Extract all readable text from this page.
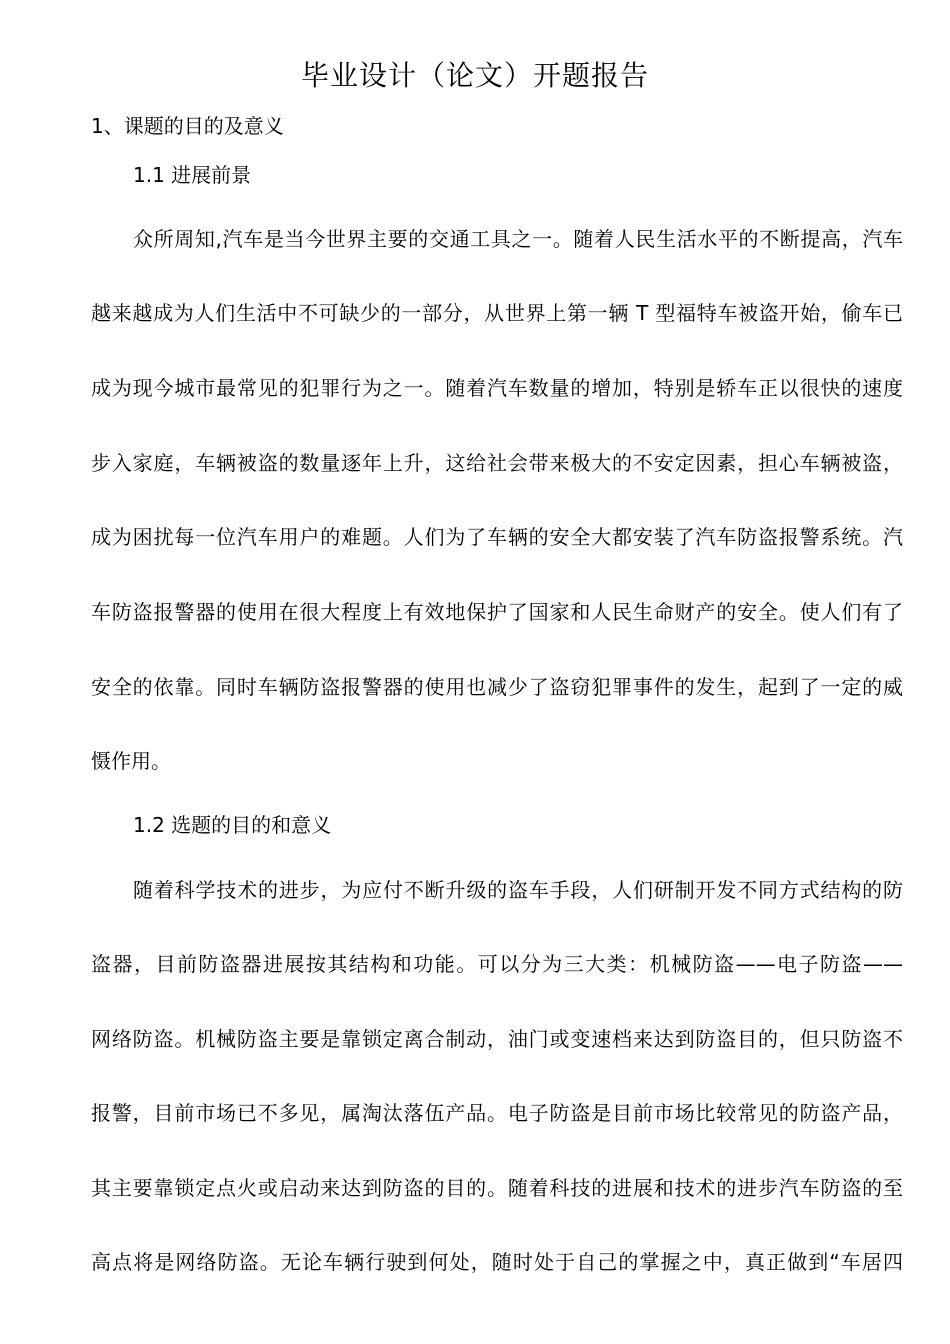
毕业设计（论文）开题报告
1、课题的目的及意义
1.1 进展前景
众所周知,汽车是当今世界主要的交通工具之一。随着人民生活水平的不断提高，汽车
越来越成为人们生活中不可缺少的一部分，从世界上第一辆 T 型福特车被盗开始，偷车已
成为现今城市最常见的犯罪行为之一。随着汽车数量的增加，特别是轿车正以很快的速度
步入家庭，车辆被盗的数量逐年上升，这给社会带来极大的不安定因素，担心车辆被盗，
成为困扰每一位汽车用户的难题。人们为了车辆的安全大都安装了汽车防盗报警系统。汽
车防盗报警器的使用在很大程度上有效地保护了国家和人民生命财产的安全。使人们有了
安全的依靠。同时车辆防盗报警器的使用也减少了盗窃犯罪事件的发生，起到了一定的威
慑作用。
1.2 选题的目的和意义
随着科学技术的进步，为应付不断升级的盗车手段，人们研制开发不同方式结构的防
盗器，目前防盗器进展按其结构和功能。可以分为三大类：机械防盗——电子防盗——
网络防盗。机械防盗主要是靠锁定离合制动，油门或变速档来达到防盗目的，但只防盗不
报警，目前市场已不多见，属淘汰落伍产品。电子防盗是目前市场比较常见的防盗产品，
其主要靠锁定点火或启动来达到防盗的目的。随着科技的进展和技术的进步汽车防盗的至
高点将是网络防盗。无论车辆行驶到何处，随时处于自己的掌握之中，真正做到“车居四
